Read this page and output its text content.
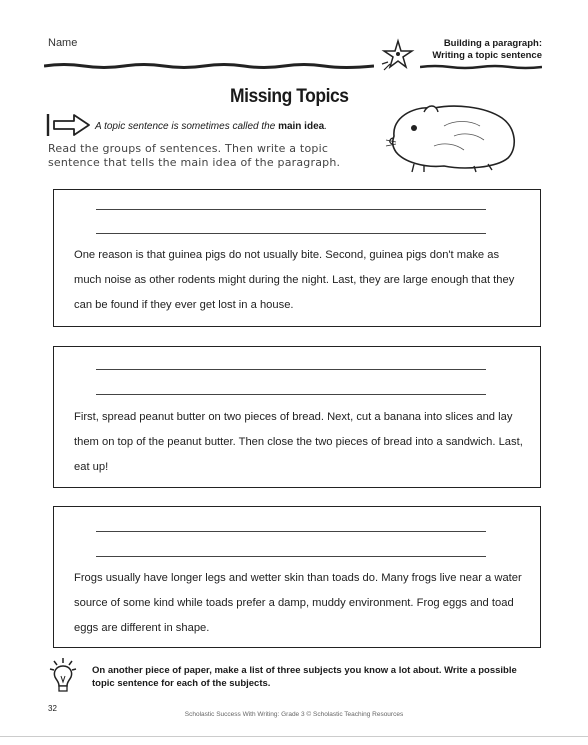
Name	Building a paragraph:
Writing a topic sentence
Missing Topics
A topic sentence is sometimes called the main idea.
Read the groups of sentences. Then write a topic sentence that tells the main idea of the paragraph.
One reason is that guinea pigs do not usually bite. Second, guinea pigs don't make as much noise as other rodents might during the night. Last, they are large enough that they can be found if they ever get lost in a house.
First, spread peanut butter on two pieces of bread. Next, cut a banana into slices and lay them on top of the peanut butter. Then close the two pieces of bread into a sandwich. Last, eat up!
Frogs usually have longer legs and wetter skin than toads do. Many frogs live near a water source of some kind while toads prefer a damp, muddy environment. Frog eggs and toad eggs are different in shape.
On another piece of paper, make a list of three subjects you know a lot about. Write a possible topic sentence for each of the subjects.
32
Scholastic Success With Writing: Grade 3 © Scholastic Teaching Resources
